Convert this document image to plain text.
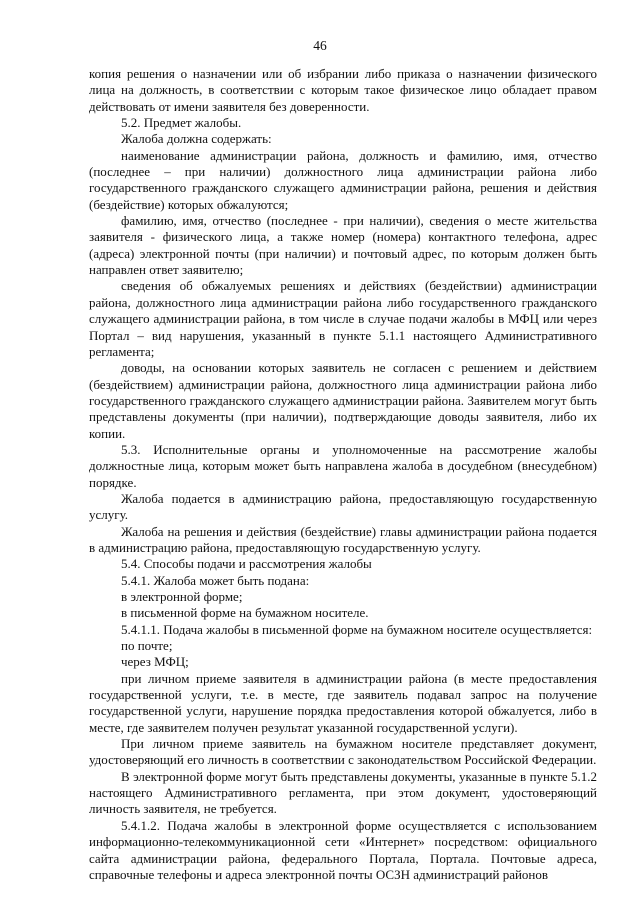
46

копия решения о назначении или об избрании либо приказа о назначении физического лица на должность, в соответствии с которым такое физическое лицо обладает правом действовать от имени заявителя без доверенности.

5.2. Предмет жалобы.

Жалоба должна содержать:

наименование администрации района, должность и фамилию, имя, отчество (последнее – при наличии) должностного лица администрации района либо государственного гражданского служащего администрации района, решения и действия (бездействие) которых обжалуются;

фамилию, имя, отчество (последнее - при наличии), сведения о месте жительства заявителя - физического лица, а также номер (номера) контактного телефона, адрес (адреса) электронной почты (при наличии) и почтовый адрес, по которым должен быть направлен ответ заявителю;

сведения об обжалуемых решениях и действиях (бездействии) администрации района, должностного лица администрации района либо государственного гражданского служащего администрации района, в том числе в случае подачи жалобы в МФЦ или через Портал – вид нарушения, указанный в пункте 5.1.1 настоящего Административного регламента;

доводы, на основании которых заявитель не согласен с решением и действием (бездействием) администрации района, должностного лица администрации района либо государственного гражданского служащего администрации района. Заявителем могут быть представлены документы (при наличии), подтверждающие доводы заявителя, либо их копии.

5.3. Исполнительные органы и уполномоченные на рассмотрение жалобы должностные лица, которым может быть направлена жалоба в досудебном (внесудебном) порядке.

Жалоба подается в администрацию района, предоставляющую государственную услугу.

Жалоба на решения и действия (бездействие) главы администрации района подается в администрацию района, предоставляющую государственную услугу.

5.4. Способы подачи и рассмотрения жалобы

5.4.1. Жалоба может быть подана:

в электронной форме;

в письменной форме на бумажном носителе.

5.4.1.1. Подача жалобы в письменной форме на бумажном носителе осуществляется:

по почте;

через МФЦ;

при личном приеме заявителя в администрации района (в месте предоставления государственной услуги, т.е. в месте, где заявитель подавал запрос на получение государственной услуги, нарушение порядка предоставления которой обжалуется, либо в месте, где заявителем получен результат указанной государственной услуги).

При личном приеме заявитель на бумажном носителе представляет документ, удостоверяющий его личность в соответствии с законодательством Российской Федерации.

В электронной форме могут быть представлены документы, указанные в пункте 5.1.2 настоящего Административного регламента, при этом документ, удостоверяющий личность заявителя, не требуется.

5.4.1.2. Подача жалобы в электронной форме осуществляется с использованием информационно-телекоммуникационной сети «Интернет» посредством: официального сайта администрации района, федерального Портала, Портала. Почтовые адреса, справочные телефоны и адреса электронной почты ОСЗН администраций районов
